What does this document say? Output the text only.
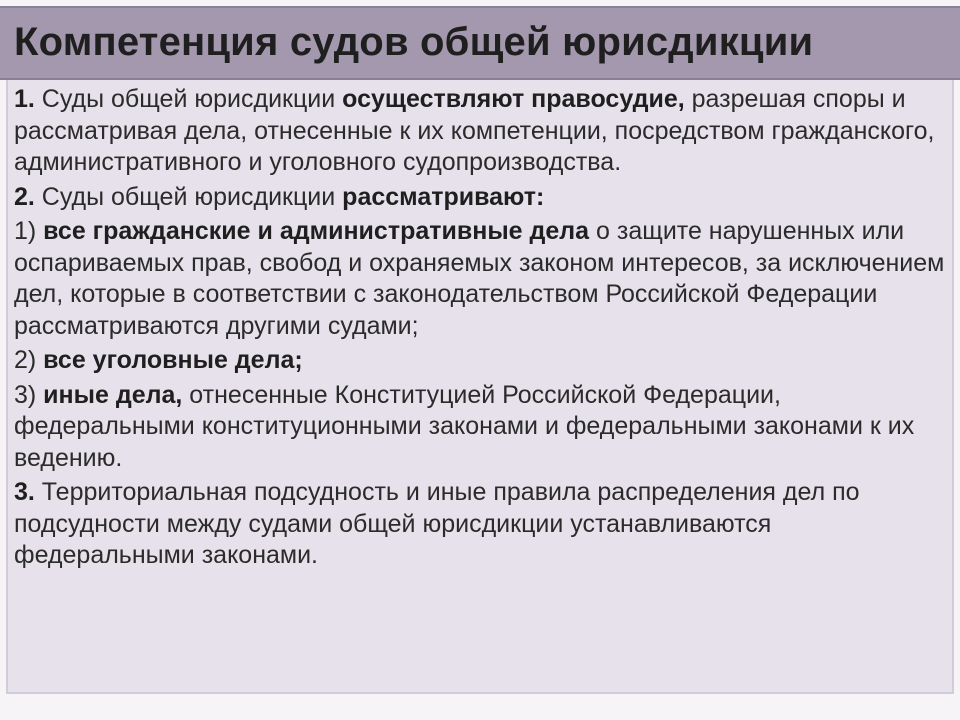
Компетенция судов общей юрисдикции

1. Суды общей юрисдикции осуществляют правосудие, разрешая споры и рассматривая дела, отнесенные к их компетенции, посредством гражданского, административного и уголовного судопроизводства.

2. Суды общей юрисдикции рассматривают:

1) все гражданские и административные дела о защите нарушенных или оспариваемых прав, свобод и охраняемых законом интересов, за исключением дел, которые в соответствии с законодательством Российской Федерации рассматриваются другими судами;

2) все уголовные дела;

3) иные дела, отнесенные Конституцией Российской Федерации, федеральными конституционными законами и федеральными законами к их ведению.

3. Территориальная подсудность и иные правила распределения дел по подсудности между судами общей юрисдикции устанавливаются федеральными законами.
